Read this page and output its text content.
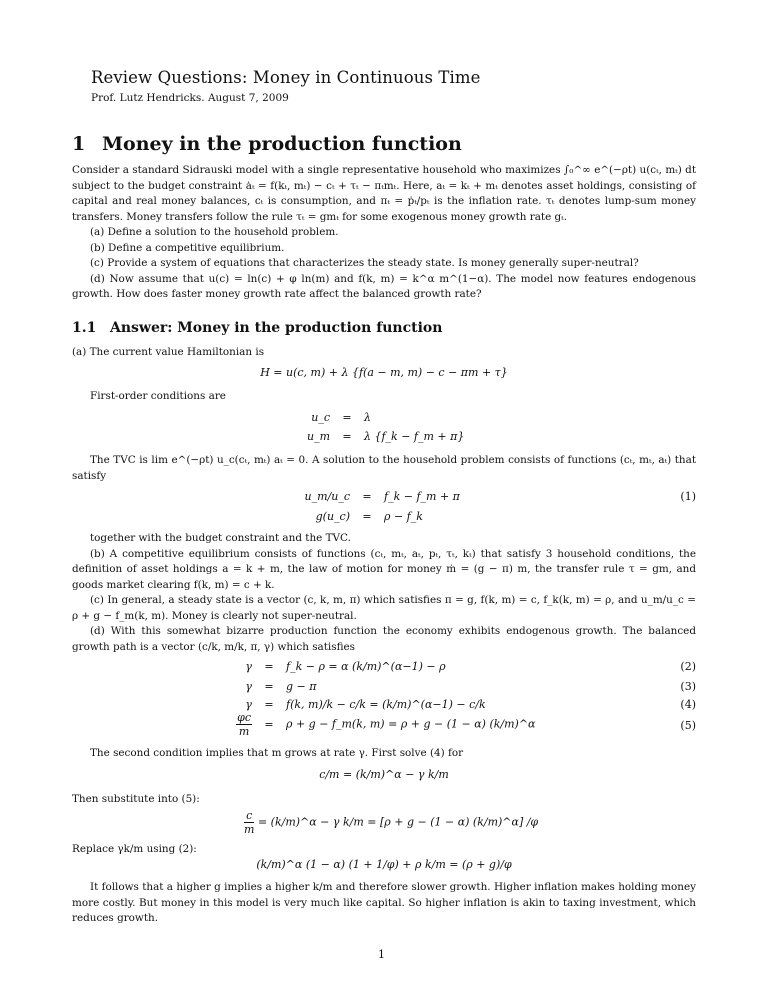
Review Questions: Money in Continuous Time
Prof. Lutz Hendricks. August 7, 2009
1 Money in the production function

Consider a standard Sidrauski model with a single representative household who maximizes ∫₀^∞ e^(−ρt) u(cₜ, mₜ) dt subject to the budget constraint ȧₜ = f(kₜ, mₜ) − cₜ + τₜ − πₜmₜ. Here, aₜ = kₜ + mₜ denotes asset holdings, consisting of capital and real money balances, cₜ is consumption, and πₜ = ṗₜ/pₜ is the inflation rate. τₜ denotes lump-sum money transfers. Money transfers follow the rule τₜ = gmₜ for some exogenous money growth rate gₜ.

(a) Define a solution to the household problem.

(b) Define a competitive equilibrium.

(c) Provide a system of equations that characterizes the steady state. Is money generally super-neutral?

(d) Now assume that u(c) = ln(c) + φ ln(m) and f(k, m) = k^α m^(1−α). The model now features endogenous growth. How does faster money growth rate affect the balanced growth rate?

1.1 Answer: Money in the production function
(a) The current value Hamiltonian is
H = u(c, m) + λ {f(a − m, m) − c − πm + τ}
First-order conditions are
u_c = λ
u_m = λ {f_k − f_m + π}
The TVC is lim e^(−ρt) u_c(cₜ, mₜ) aₜ = 0. A solution to the household problem consists of functions (cₜ, mₜ, aₜ) that satisfy
u_m/u_c = f_k − f_m + π	(1)
g(u_c) = ρ − f_k

together with the budget constraint and the TVC.

(b) A competitive equilibrium consists of functions (cₜ, mₜ, aₜ, pₜ, τₜ, kₜ) that satisfy 3 household conditions, the definition of asset holdings a = k + m, the law of motion for money ṁ = (g − π) m, the transfer rule τ = gm, and goods market clearing f(k, m) = c + k.

(c) In general, a steady state is a vector (c, k, m, π) which satisfies π = g, f(k, m) = c, f_k(k, m) = ρ, and u_m/u_c = ρ + g − f_m(k, m). Money is clearly not super-neutral.

(d) With this somewhat bizarre production function the economy exhibits endogenous growth. The balanced growth path is a vector (c/k, m/k, π, γ) which satisfies

γ = f_k − ρ = α (k/m)^(α−1) − ρ	(2)
γ = g − π	(3)
γ = f(k, m)/k − c/k = (k/m)^(α−1) − c/k	(4)
$\frac{\varphi c}{m} = \rho + g$ − f_m(k, m) = ρ + g − (1 − α) (k/m)^α	(5)
The second condition implies that m grows at rate γ. First solve (4) for
c/m = (k/m)^α − γ k/m
Then substitute into (5):
$\frac{c}{m}$ = (k/m)^α − γ k/m = [ρ + g − (1 − α) (k/m)^α] /φ
Replace γk/m using (2):
(k/m)^α (1 − α) (1 + 1/φ) + ρ k/m = (ρ + g)/φ
It follows that a higher g implies a higher k/m and therefore slower growth. Higher inflation makes holding money more costly. But money in this model is very much like capital. So higher inflation is akin to taxing investment, which reduces growth.
1
